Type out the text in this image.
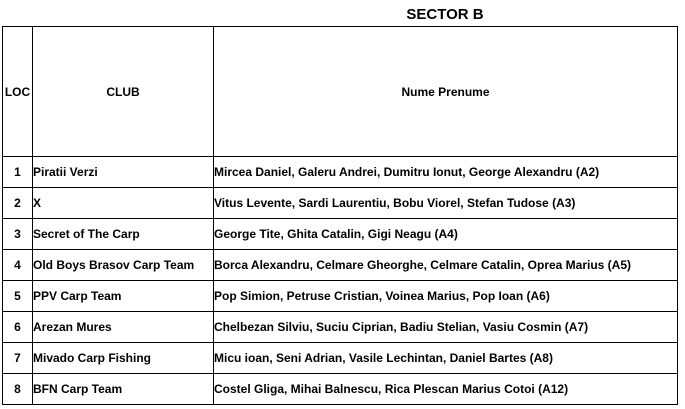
SECTOR B
LOC	CLUB	Nume Prenume
1	Piratii Verzi	Mircea Daniel, Galeru Andrei, Dumitru Ionut, George Alexandru (A2)
2	X	Vitus Levente, Sardi Laurentiu, Bobu Viorel, Stefan Tudose (A3)
3	Secret of The Carp	George Tite, Ghita Catalin, Gigi Neagu (A4)
4	Old Boys Brasov Carp Team	Borca Alexandru, Celmare Gheorghe, Celmare Catalin, Oprea Marius (A5)
5	PPV Carp Team	Pop Simion, Petruse Cristian, Voinea Marius, Pop Ioan (A6)
6	Arezan Mures	Chelbezan Silviu, Suciu Ciprian, Badiu Stelian, Vasiu Cosmin (A7)
7	Mivado Carp Fishing	Micu ioan, Seni Adrian, Vasile Lechintan, Daniel Bartes (A8)
8	BFN Carp Team	Costel Gliga, Mihai Balnescu, Rica Plescan Marius Cotoi (A12)
